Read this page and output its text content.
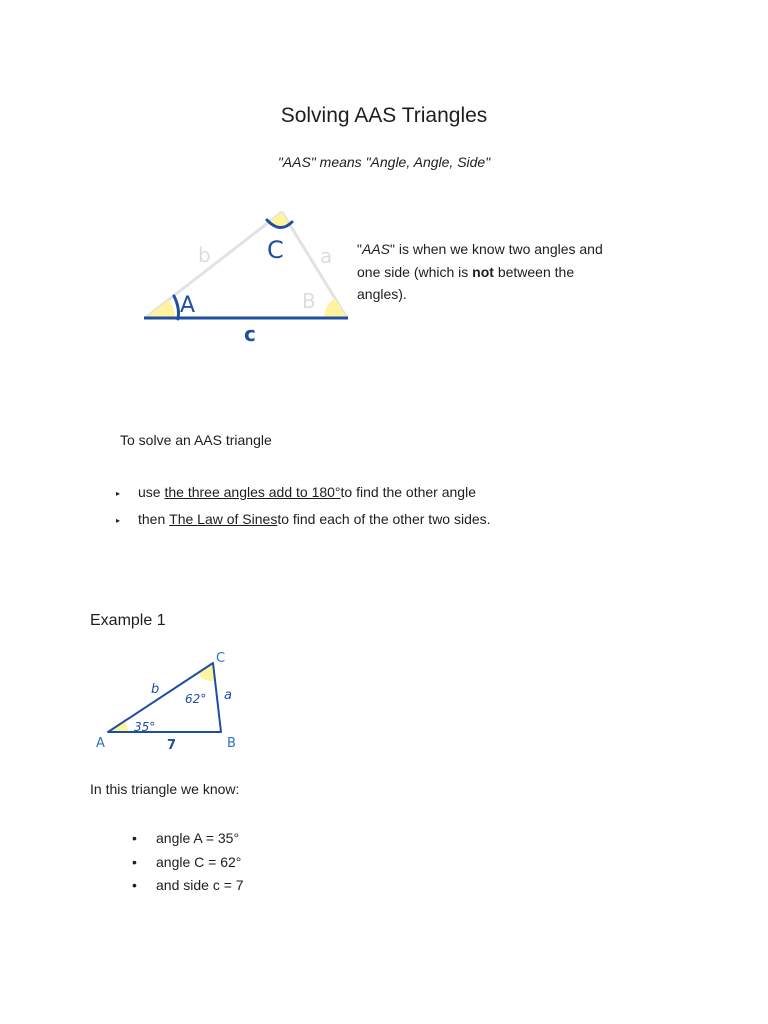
Solving AAS Triangles
"AAS" means "Angle, Angle, Side"
A
C
B
b	a
c
"AAS" is when we know two angles and one side (which is not between the angles).
To solve an AAS triangle
▸	use
the three angles add to 180° to find the other angle
▸	then
The Law of Sines to find each of the other two sides.
Example 1
A	B
C
b	a
7
35°
62°
In this triangle we know:
•	angle A = 35°
•	angle C = 62°
•	and side c = 7
